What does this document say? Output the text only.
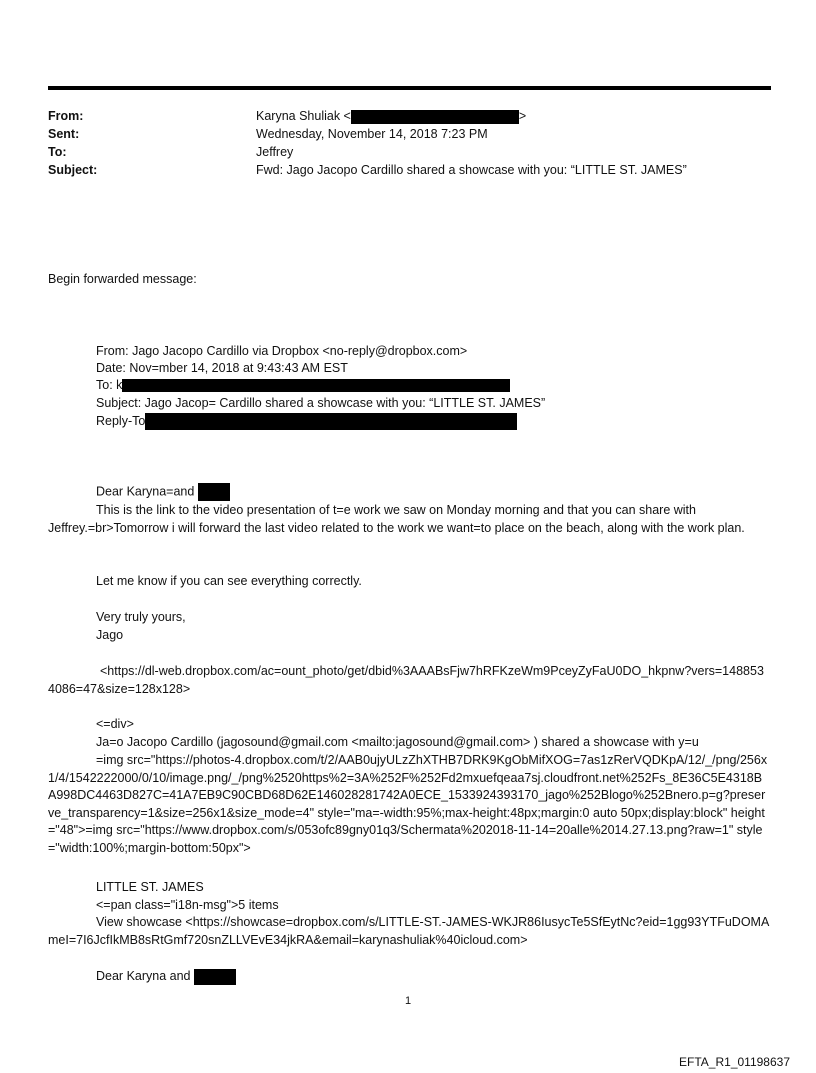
From:	Karyna Shuliak <	>
Sent:	Wednesday, November 14, 2018 7:23 PM
To:	Jeffrey
Subject:	Fwd: Jago Jacopo Cardillo shared a showcase with you: “LITTLE ST. JAMES”
Begin forwarded message:
From: Jago Jacopo Cardillo via Dropbox <no-reply@dropbox.com>
Date: Nov=mber 14, 2018 at 9:43:43 AM EST
To: k
Subject: Jago Jacop= Cardillo shared a showcase with you: “LITTLE ST. JAMES”
Reply-To
Dear Karyna=and

This is the link to the video presentation of t=e work we saw on Monday morning and that you can share with Jeffrey.=br>Tomorrow i will forward the last video related to the work we want=to place on the beach, along with the work plan.

Let me know if you can see everything correctly.
Very truly yours,
Jago

<https://dl-web.dropbox.com/ac=ount_photo/get/dbid%3AAABsFjw7hRFKzeWm9PceyZyFaU0DO_hkpnw?vers=1488534086=47&size=128x128>

<=div>
Ja=o Jacopo Cardillo (jagosound@gmail.com <mailto:jagosound@gmail.com> ) shared a showcase with y=u

=img src="https://photos-4.dropbox.com/t/2/AAB0ujyULzZhXTHB7DRK9KgObMifXOG=7as1zRerVQDKpA/12/_/png/256x1/4/1542222000/0/10/image.png/_/png%2520https%2=3A%252F%252Fd2mxuefqeaa7sj.cloudfront.net%252Fs_8E36C5E4318BA998DC4463D827C=41A7EB9C90CBD68D62E146028281742A0ECE_1533924393170_jago%252Blogo%252Bnero.p=g?preserve_transparency=1&size=256x1&size_mode=4" style="ma=-width:95%;max-height:48px;margin:0 auto 50px;display:block" height="48">=img src="https://www.dropbox.com/s/053ofc89gny01q3/Schermata%202018-11-14=20alle%2014.27.13.png?raw=1" style="width:100%;margin-bottom:50px">

LITTLE ST. JAMES
<=pan class="i18n-msg">5 items

View showcase <https://showcase=dropbox.com/s/LITTLE-ST.-JAMES-WKJR86IusycTe5SfEytNc?eid=1gg93YTFuDOMAmeI=7I6JcfIkMB8sRtGmf720snZLLVEvE34jkRA&email=karynashuliak%40icloud.com>

Dear Karyna and
1
EFTA_R1_01198637
